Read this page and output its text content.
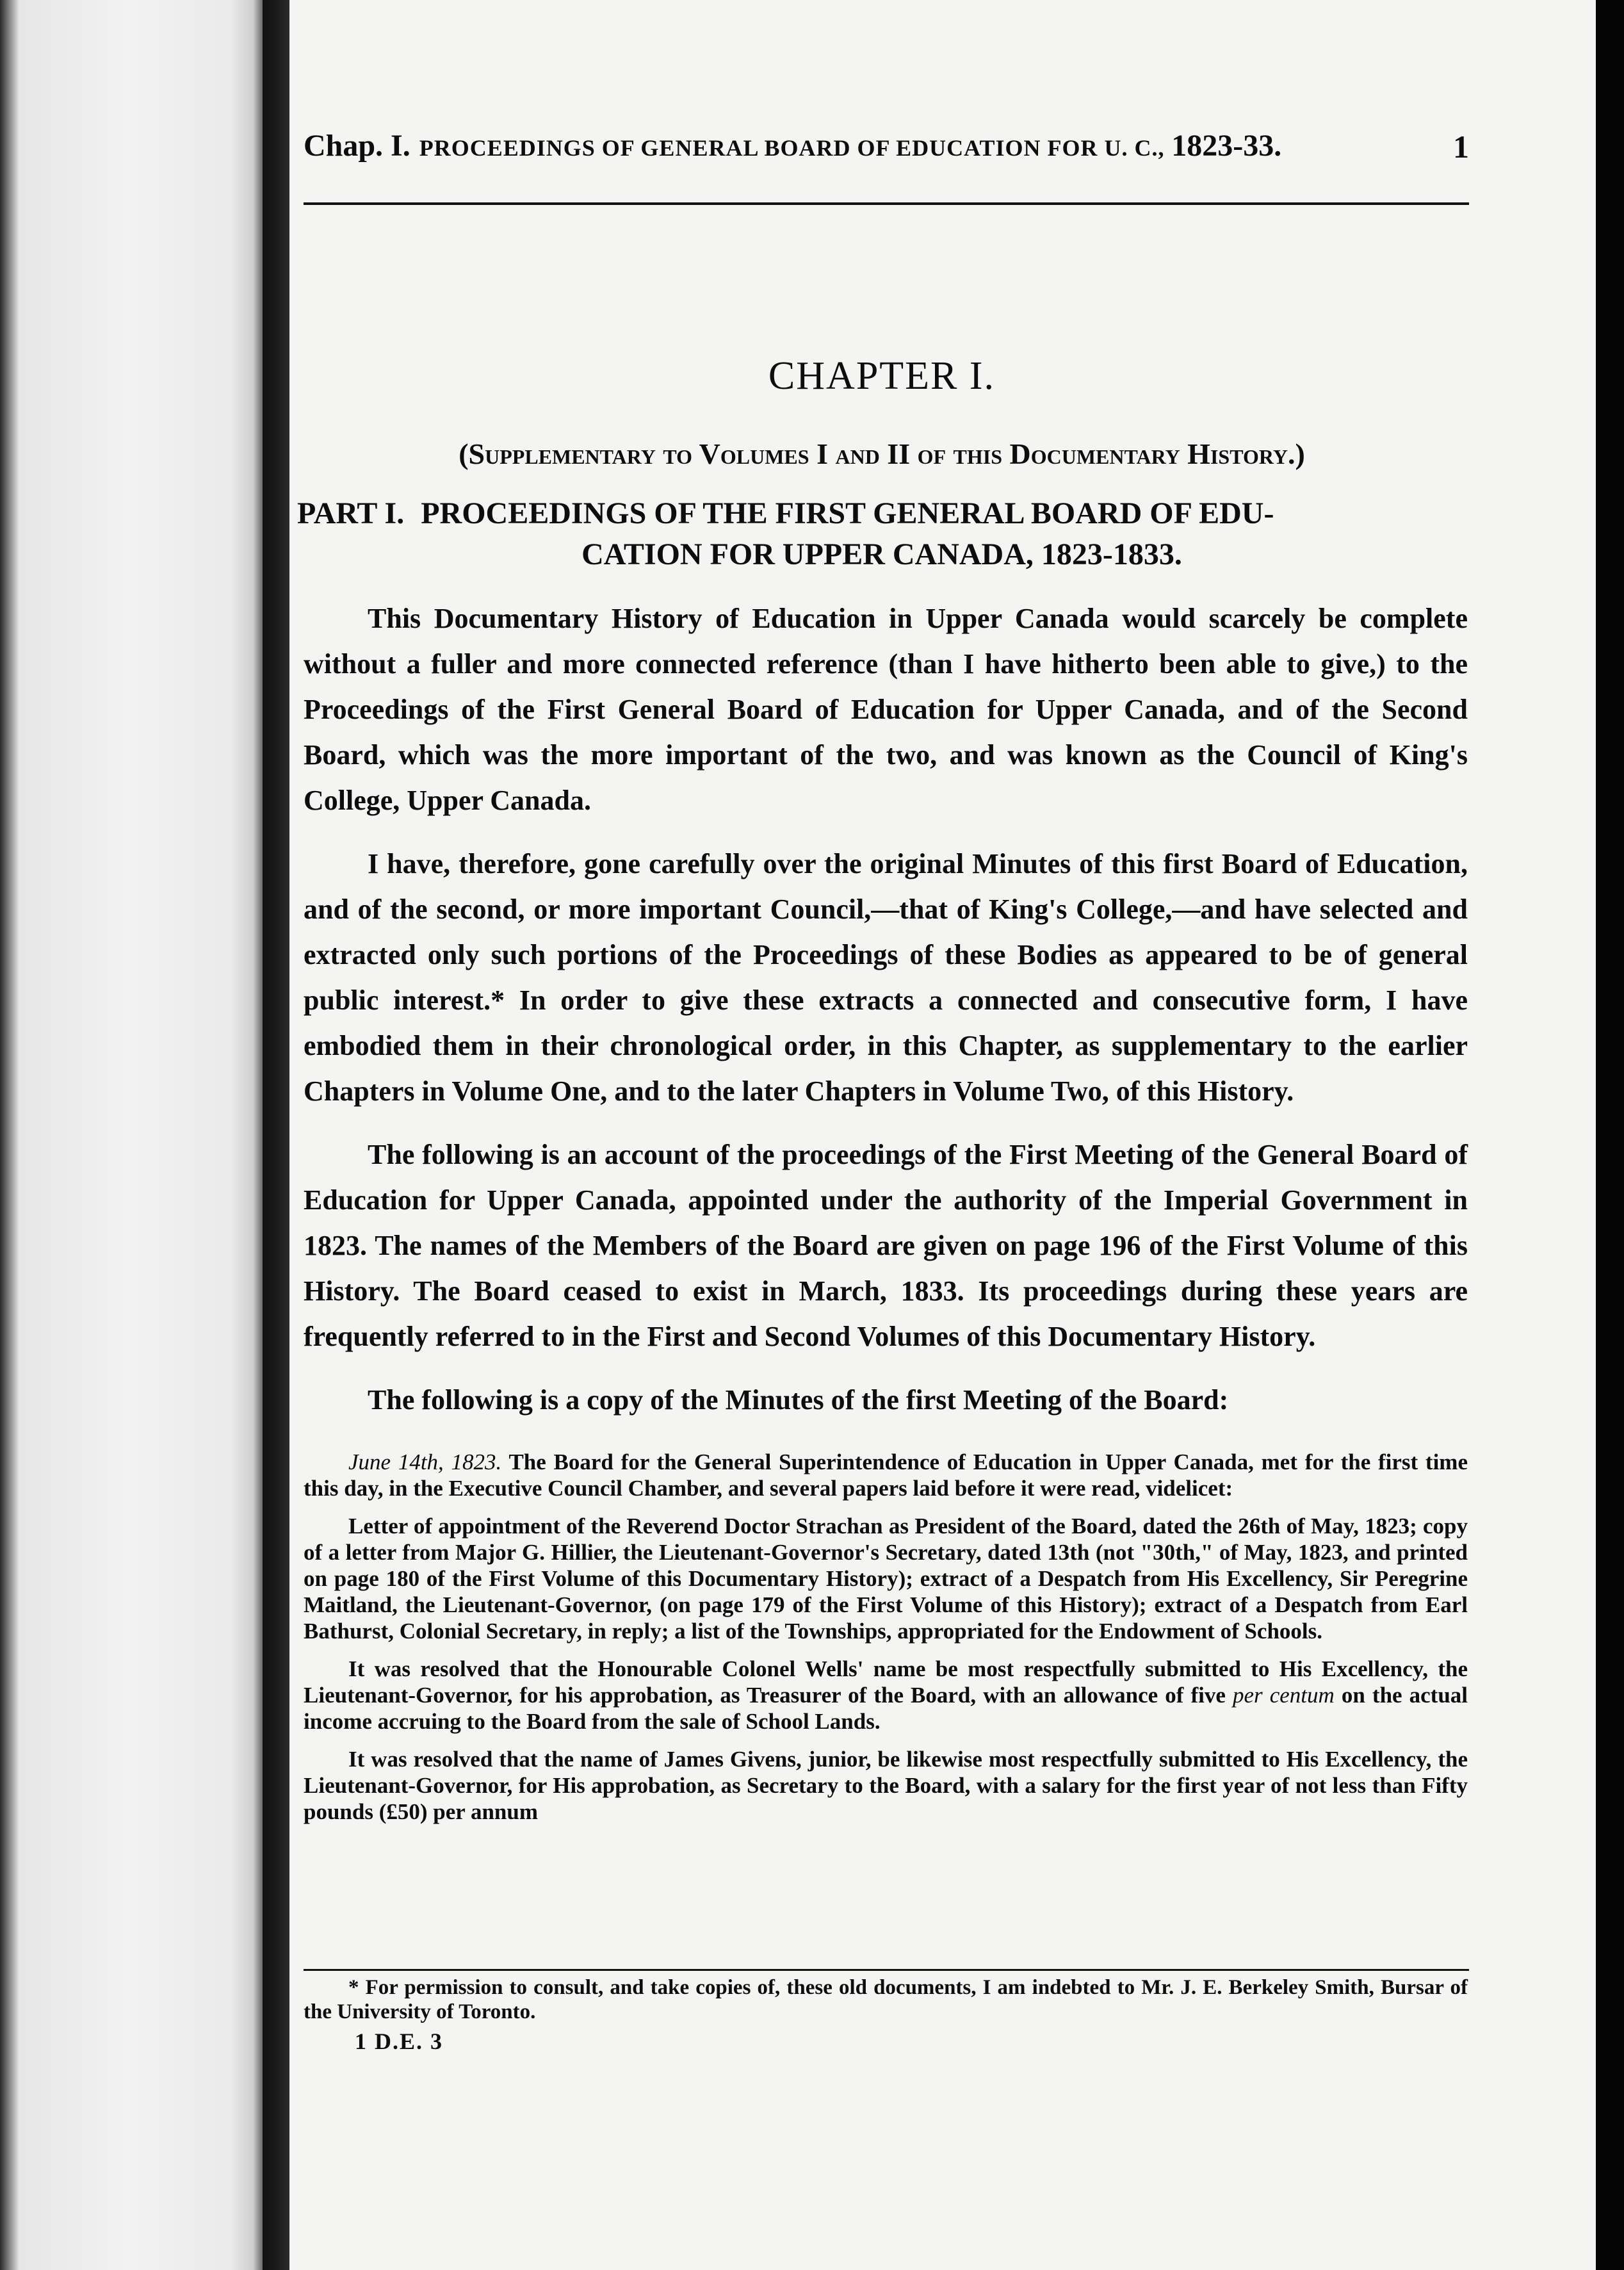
Chap. I. PROCEEDINGS OF GENERAL BOARD OF EDUCATION FOR U. C., 1823-33.	1
CHAPTER I.
(Supplementary to Volumes I and II of this Documentary History.)
PART I. PROCEEDINGS OF THE FIRST GENERAL BOARD OF EDU-
CATION FOR UPPER CANADA, 1823-1833.

This Documentary History of Education in Upper Canada would scarcely be complete without a fuller and more connected reference (than I have hitherto been able to give,) to the Proceedings of the First General Board of Education for Upper Canada, and of the Second Board, which was the more important of the two, and was known as the Council of King's College, Upper Canada.

I have, therefore, gone carefully over the original Minutes of this first Board of Education, and of the second, or more important Council,—that of King's College,—and have selected and extracted only such portions of the Proceedings of these Bodies as appeared to be of general public interest.* In order to give these extracts a connected and consecutive form, I have embodied them in their chronological order, in this Chapter, as supplementary to the earlier Chapters in Volume One, and to the later Chapters in Volume Two, of this History.

The following is an account of the proceedings of the First Meeting of the General Board of Education for Upper Canada, appointed under the authority of the Imperial Government in 1823. The names of the Members of the Board are given on page 196 of the First Volume of this History. The Board ceased to exist in March, 1833. Its proceedings during these years are frequently referred to in the First and Second Volumes of this Documentary History.

The following is a copy of the Minutes of the first Meeting of the Board:

June 14th, 1823. The Board for the General Superintendence of Education in Upper Canada, met for the first time this day, in the Executive Council Chamber, and several papers laid before it were read, videlicet:

Letter of appointment of the Reverend Doctor Strachan as President of the Board, dated the 26th of May, 1823; copy of a letter from Major G. Hillier, the Lieutenant-Governor's Secretary, dated 13th (not "30th," of May, 1823, and printed on page 180 of the First Volume of this Documentary History); extract of a Despatch from His Excellency, Sir Peregrine Maitland, the Lieutenant-Governor, (on page 179 of the First Volume of this History); extract of a Despatch from Earl Bathurst, Colonial Secretary, in reply; a list of the Townships, appropriated for the Endowment of Schools.

It was resolved that the Honourable Colonel Wells' name be most respectfully submitted to His Excellency, the Lieutenant-Governor, for his approbation, as Treasurer of the Board, with an allowance of five per centum on the actual income accruing to the Board from the sale of School Lands.

It was resolved that the name of James Givens, junior, be likewise most respectfully submitted to His Excellency, the Lieutenant-Governor, for His approbation, as Secretary to the Board, with a salary for the first year of not less than Fifty pounds (£50) per annum

* For permission to consult, and take copies of, these old documents, I am indebted to Mr. J. E. Berkeley Smith, Bursar of the University of Toronto.
1 D.E. 3
